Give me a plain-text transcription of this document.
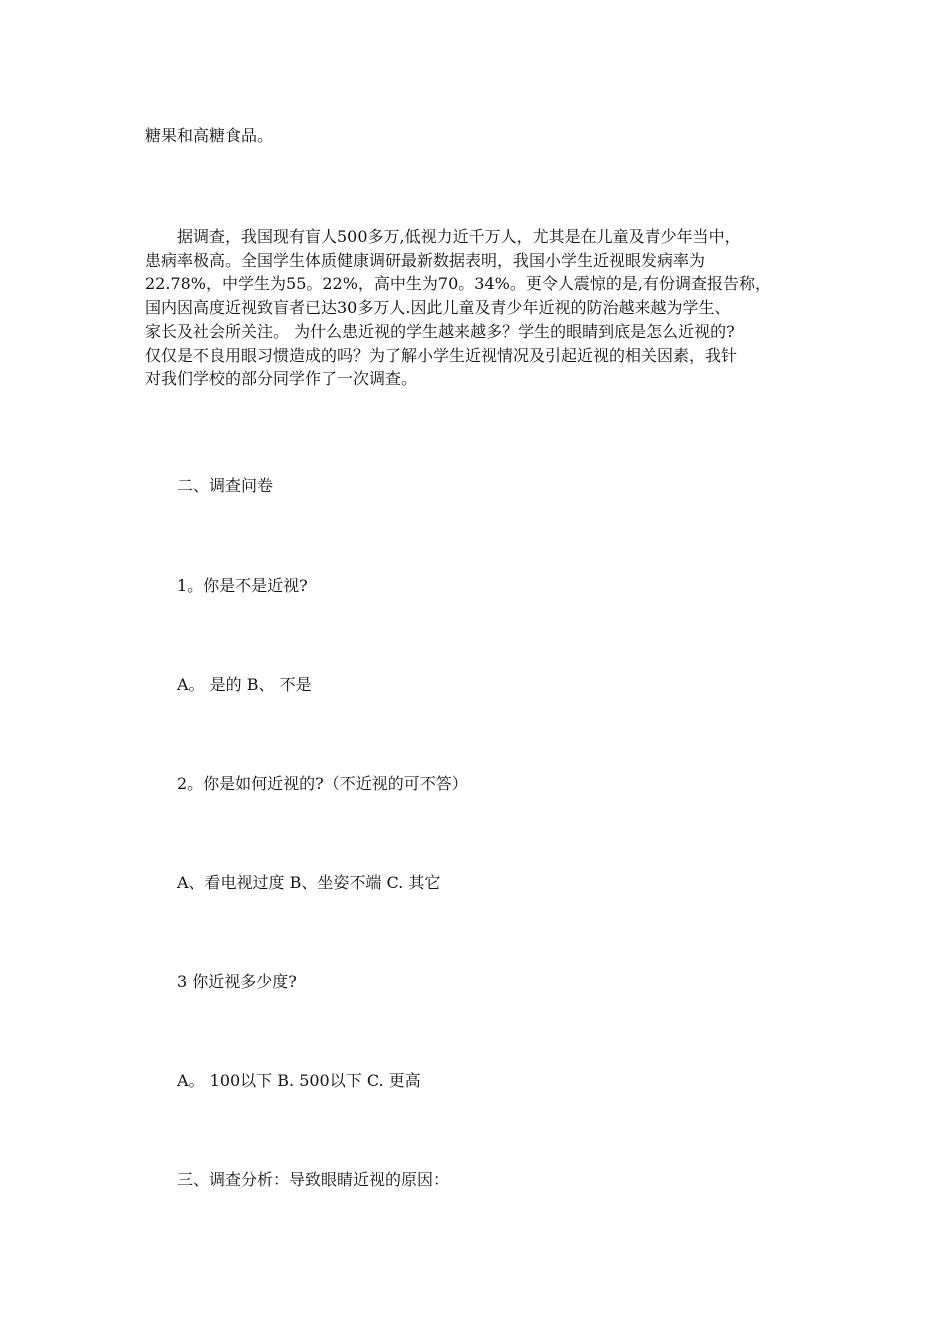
糖果和高糖食品。

据调查，我国现有盲人500多万,低视力近千万人，尤其是在儿童及青少年当中，
患病率极高。全国学生体质健康调研最新数据表明，我国小学生近视眼发病率为
22.78%，中学生为55。22%，高中生为70。34%。更令人震惊的是,有份调查报告称，
国内因高度近视致盲者已达30多万人.因此儿童及青少年近视的防治越来越为学生、
家长及社会所关注。 为什么患近视的学生越来越多？学生的眼睛到底是怎么近视的?
仅仅是不良用眼习惯造成的吗？为了解小学生近视情况及引起近视的相关因素，我针
对我们学校的部分同学作了一次调查。

二、调查问卷

1。你是不是近视?

A。 是的 B、 不是

2。你是如何近视的?（不近视的可不答）

A、看电视过度 B、坐姿不端 C. 其它

3 你近视多少度?

A。 100以下 B. 500以下 C. 更高

三、调查分析：导致眼睛近视的原因：
